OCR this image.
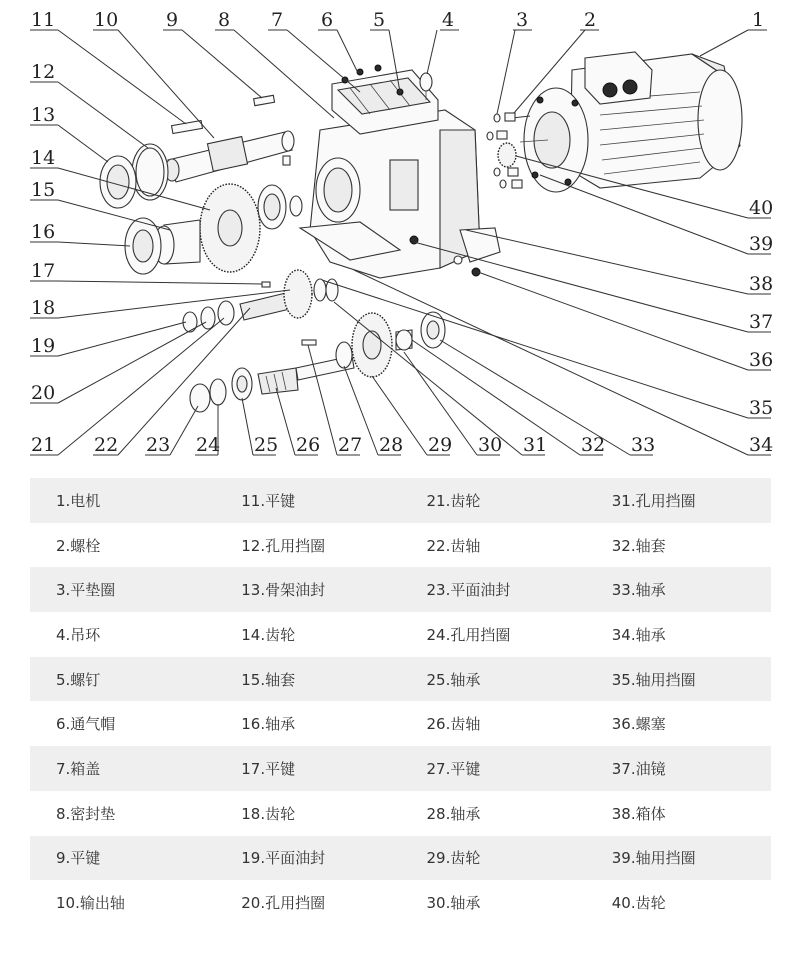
1
2
3
4
5
6
7
8
9
10
11
12
13
14
15
16
17
18
19
20
21 22 23 24 25 26 27 28 29 30 31 32 33	34
35
36
37
38
39
40
1.电机	11.平键	21.齿轮	31.孔用挡圈
2.螺栓	12.孔用挡圈	22.齿轴	32.轴套
3.平垫圈	13.骨架油封	23.平面油封	33.轴承
4.吊环	14.齿轮	24.孔用挡圈	34.轴承
5.螺钉	15.轴套	25.轴承	35.轴用挡圈
6.通气帽	16.轴承	26.齿轴	36.螺塞
7.箱盖	17.平键	27.平键	37.油镜
8.密封垫	18.齿轮	28.轴承	38.箱体
9.平键	19.平面油封	29.齿轮	39.轴用挡圈
10.输出轴	20.孔用挡圈	30.轴承	40.齿轮
